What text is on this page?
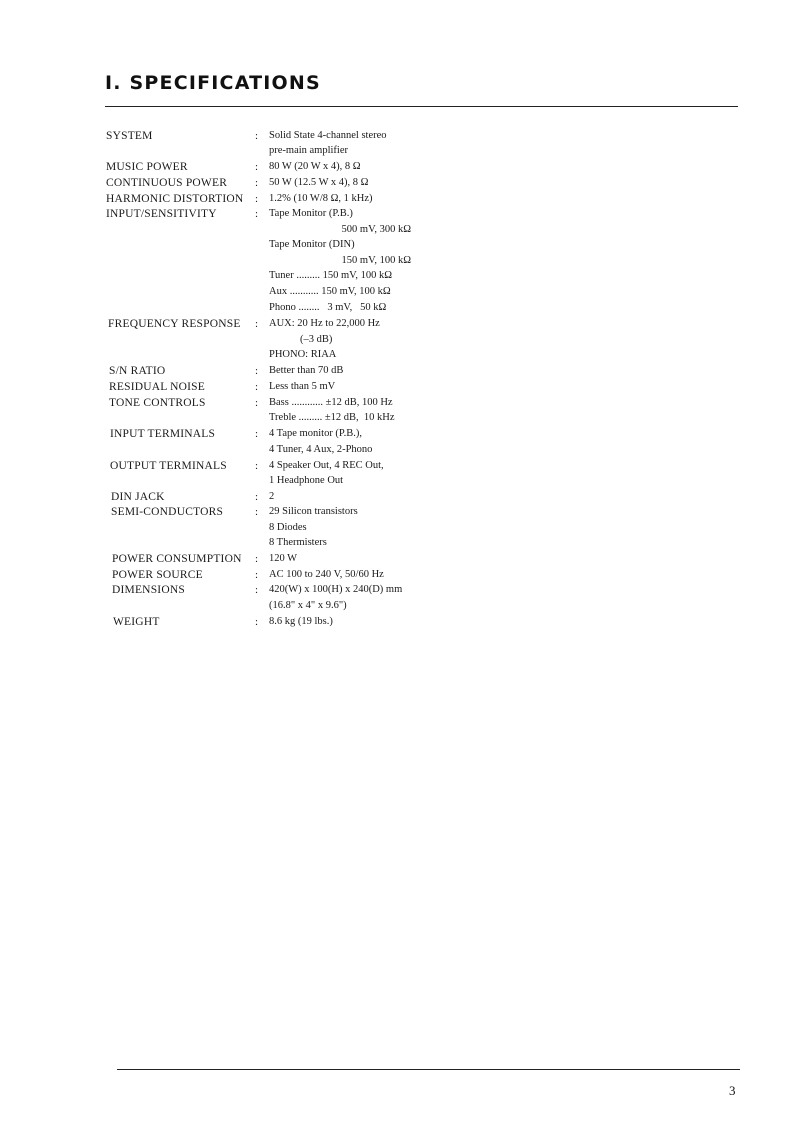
I. SPECIFICATIONS
SYSTEM	: Solid State 4-channel stereo
pre-main amplifier
MUSIC POWER	: 80 W (20 W x 4), 8 Ω
CONTINUOUS POWER	: 50 W (12.5 W x 4), 8 Ω
HARMONIC DISTORTION : 1.2% (10 W/8 Ω, 1 kHz)
INPUT/SENSITIVITY	: Tape Monitor (P.B.)
500 mV, 300 kΩ
Tape Monitor (DIN)
150 mV, 100 kΩ
Tuner ......... 150 mV, 100 kΩ
Aux ........... 150 mV, 100 kΩ
Phono ........   3 mV,   50 kΩ
FREQUENCY RESPONSE : AUX: 20 Hz to 22,000 Hz
(–3 dB)
PHONO: RIAA
S/N RATIO	: Better than 70 dB
RESIDUAL NOISE	: Less than 5 mV
TONE CONTROLS	: Bass ............ ±12 dB, 100 Hz
Treble ......... ±12 dB,  10 kHz
INPUT TERMINALS	: 4 Tape monitor (P.B.),
4 Tuner, 4 Aux, 2-Phono
OUTPUT TERMINALS	: 4 Speaker Out, 4 REC Out,
1 Headphone Out
DIN JACK	: 2
SEMI-CONDUCTORS	: 29 Silicon transistors
8 Diodes
8 Thermisters
POWER CONSUMPTION : 120 W
POWER SOURCE	: AC 100 to 240 V, 50/60 Hz
DIMENSIONS	: 420(W) x 100(H) x 240(D) mm
(16.8" x 4" x 9.6")
WEIGHT	: 8.6 kg (19 lbs.)
3
